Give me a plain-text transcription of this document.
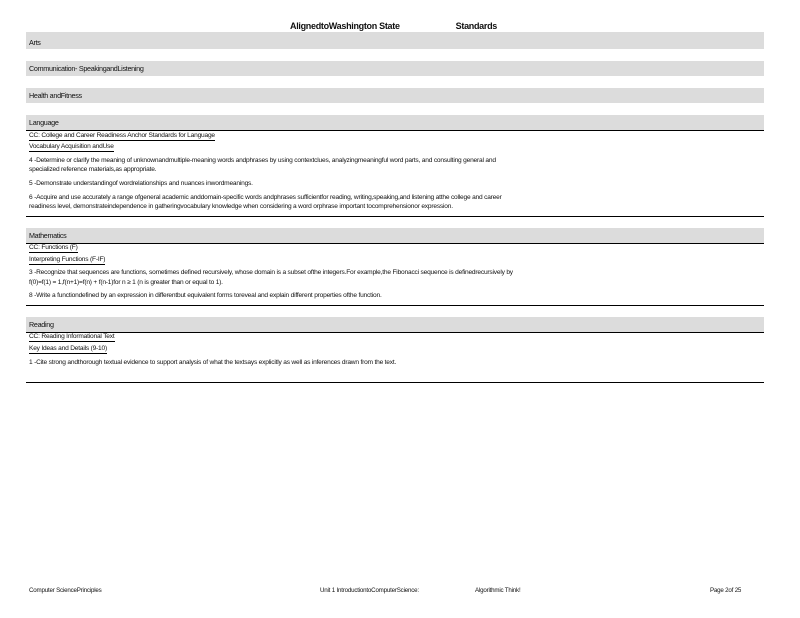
AlignedtoWashington State	Standards
Arts
Communication- SpeakingandListening
Health andFitness
Language
CC: College and Career Readiness Anchor Standards for Language
Vocabulary Acquisition andUse
4 -Determine or clarify the meaning of unknownandmultiple-meaning words andphrases by using contextclues, analyzingmeaningful word parts, and consulting general and
specialized reference materials,as appropriate.
5 -Demonstrate understandingof wordrelationships and nuances inwordmeanings.
6 -Acquire and use accurately a range ofgeneral academic anddomain-specific words andphrases sufficientfor reading, writing,speaking,and listening atthe college and career
readiness level, demonstrateindependence in gatheringvocabulary knowledge when considering a word orphrase important tocomprehensionor expression.
Mathematics
CC: Functions (F)
Interpreting Functions (F-IF)
3 -Recognize that sequences are functions, sometimes defined recursively, whose domain is a subset ofthe integers.For example,the Fibonacci sequence is definedrecursively by
f(0)=f(1) = 1,f(n+1)=f(n) + f(n-1)for n ≥ 1 (n is greater than or equal to 1).
8 -Write a functiondefined by an expression in differentbut equivalent forms toreveal and explain different properties ofthe function.
Reading
CC: Reading Informational Text
Key Ideas and Details (9-10)
1 -Cite strong andthorough textual evidence to support analysis of what the textsays explicitly as well as inferences drawn from the text.
Computer SciencePrinciples	Unit 1 IntroductiontoComputerScience:	Algorithmic Think!	Page 2of 25
